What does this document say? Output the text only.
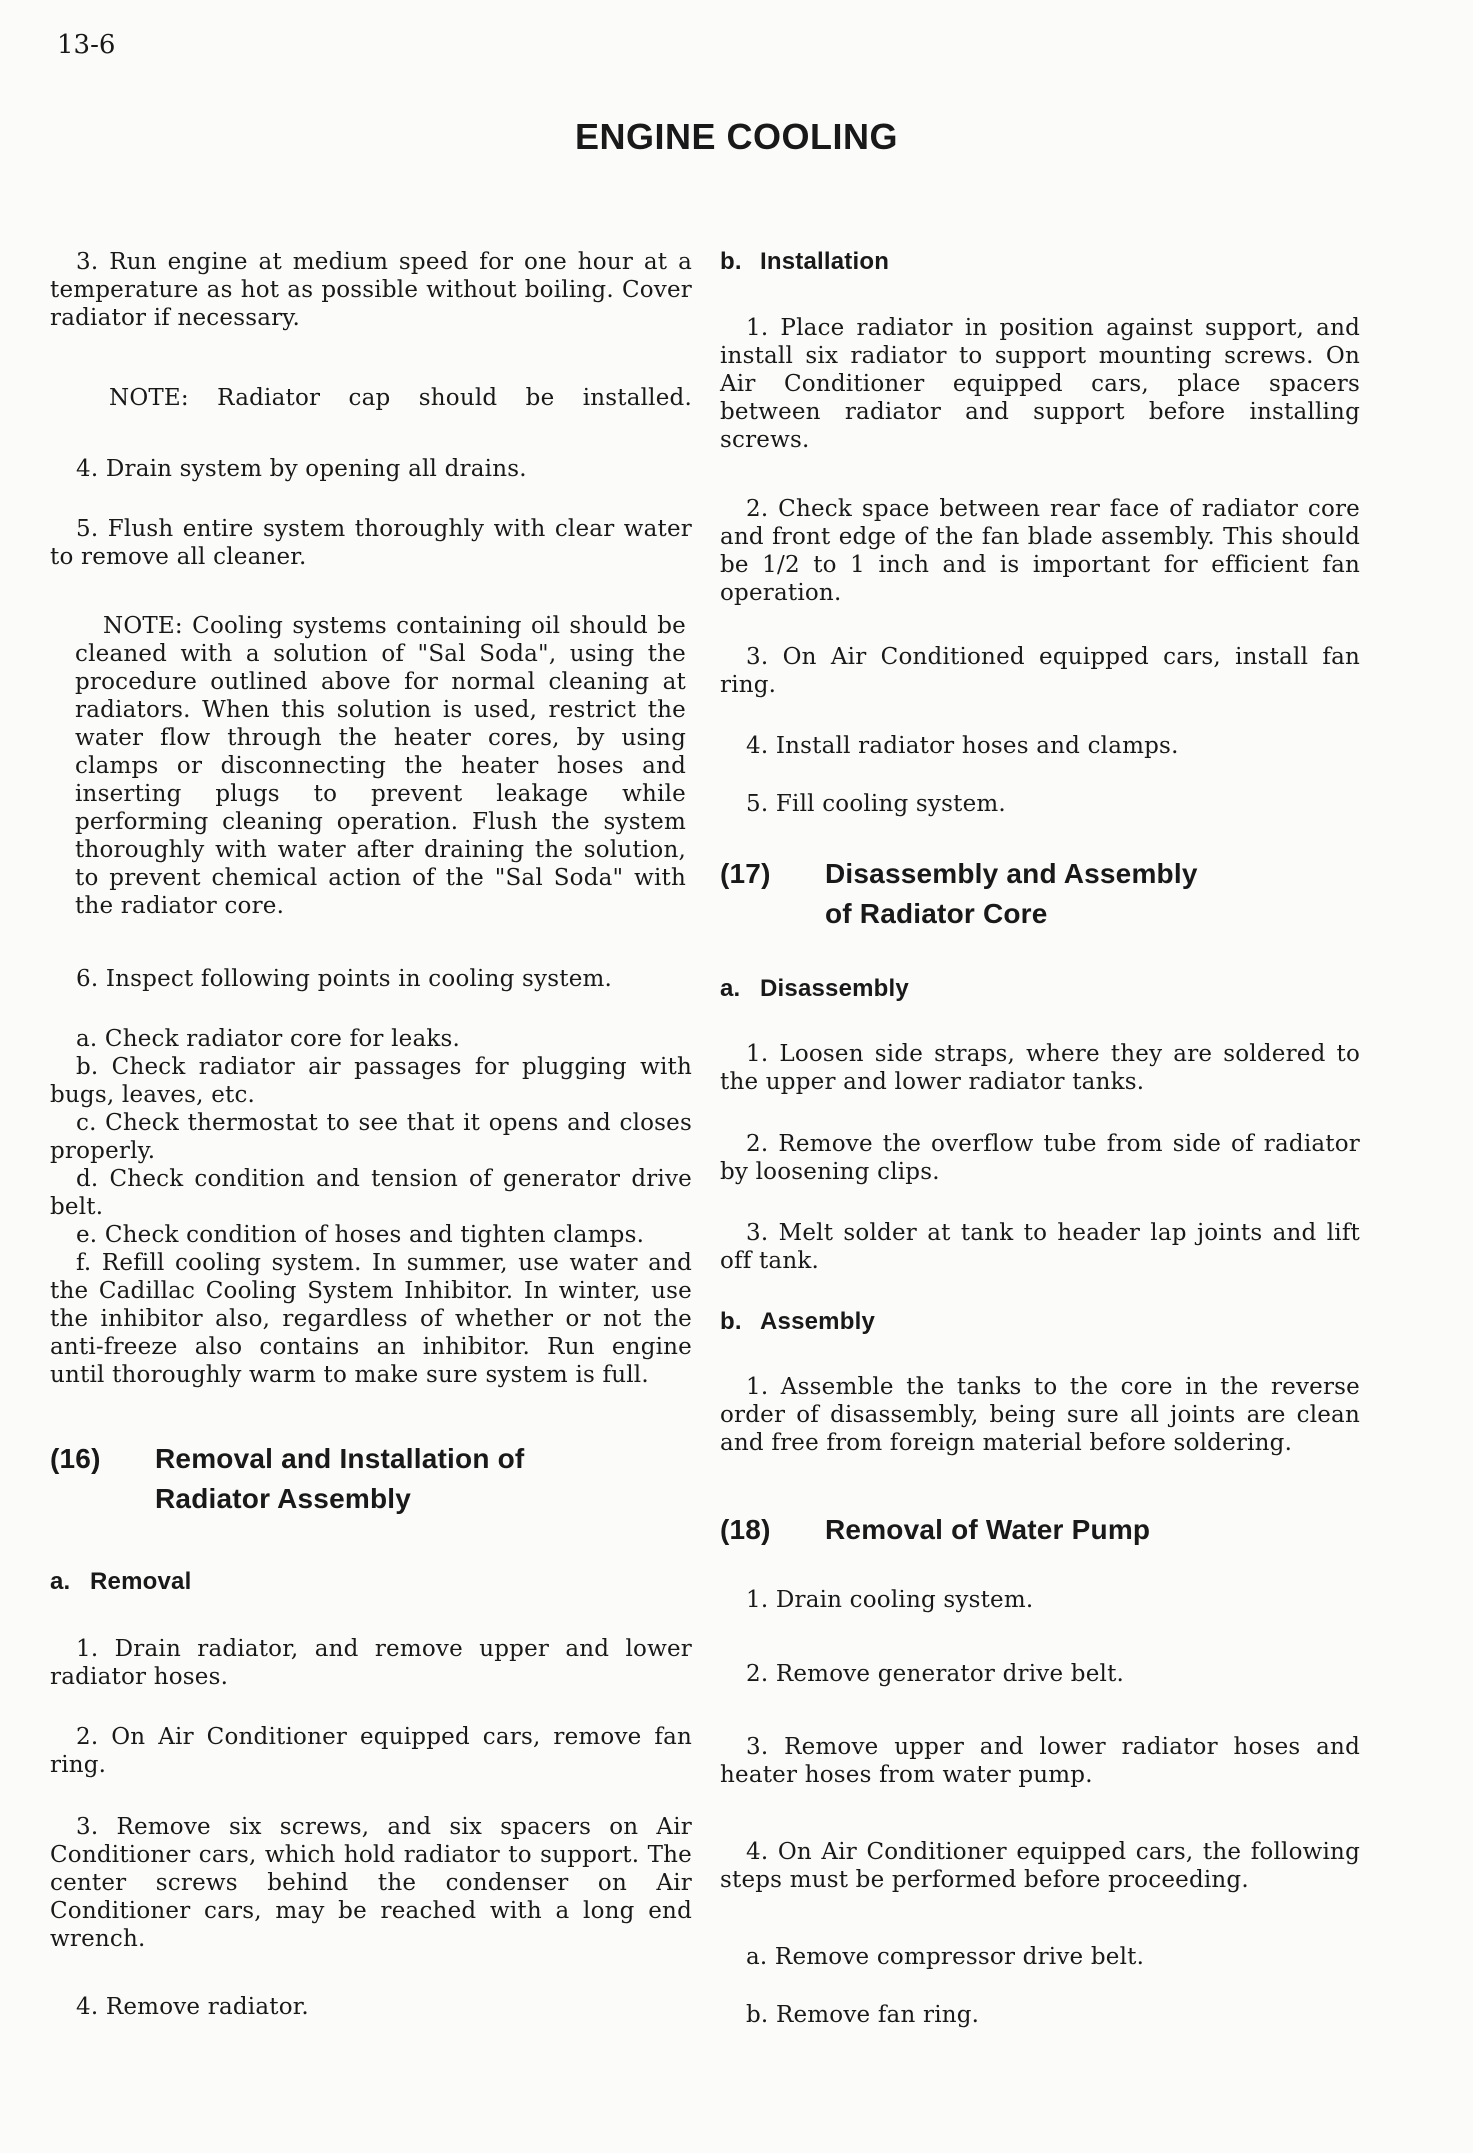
13-6
ENGINE COOLING

3. Run engine at medium speed for one hour at a temperature as hot as possible without boiling. Cover radiator if necessary.

NOTE: Radiator cap should be installed.

4. Drain system by opening all drains.

5. Flush entire system thoroughly with clear water to remove all cleaner.

NOTE: Cooling systems containing oil should be cleaned with a solution of "Sal Soda", using the procedure outlined above for normal cleaning at radiators. When this solution is used, restrict the water flow through the heater cores, by using clamps or disconnecting the heater hoses and inserting plugs to prevent leakage while performing cleaning operation. Flush the system thoroughly with water after draining the solution, to prevent chemical action of the "Sal Soda" with the radiator core.

6. Inspect following points in cooling system.

a. Check radiator core for leaks.

b. Check radiator air passages for plugging with bugs, leaves, etc.

c. Check thermostat to see that it opens and closes properly.

d. Check condition and tension of generator drive belt.

e. Check condition of hoses and tighten clamps.

f. Refill cooling system. In summer, use water and the Cadillac Cooling System Inhibitor. In winter, use the inhibitor also, regardless of whether or not the anti-freeze also contains an inhibitor. Run engine until thoroughly warm to make sure system is full.

(16)	Removal and Installation of
Radiator Assembly
a. Removal

1. Drain radiator, and remove upper and lower radiator hoses.

2. On Air Conditioner equipped cars, remove fan ring.

3. Remove six screws, and six spacers on Air Conditioner cars, which hold radiator to support. The center screws behind the condenser on Air Conditioner cars, may be reached with a long end wrench.

4. Remove radiator.

b. Installation

1. Place radiator in position against support, and install six radiator to support mounting screws. On Air Conditioner equipped cars, place spacers between radiator and support before installing screws.

2. Check space between rear face of radiator core and front edge of the fan blade assembly. This should be 1/2 to 1 inch and is important for efficient fan operation.

3. On Air Conditioned equipped cars, install fan ring.

4. Install radiator hoses and clamps.

5. Fill cooling system.

(17)	Disassembly and Assembly
of Radiator Core
a. Disassembly

1. Loosen side straps, where they are soldered to the upper and lower radiator tanks.

2. Remove the overflow tube from side of radiator by loosening clips.

3. Melt solder at tank to header lap joints and lift off tank.

b. Assembly

1. Assemble the tanks to the core in the reverse order of disassembly, being sure all joints are clean and free from foreign material before soldering.

(18)	Removal of Water Pump

1. Drain cooling system.

2. Remove generator drive belt.

3. Remove upper and lower radiator hoses and heater hoses from water pump.

4. On Air Conditioner equipped cars, the following steps must be performed before proceeding.

a. Remove compressor drive belt.

b. Remove fan ring.
